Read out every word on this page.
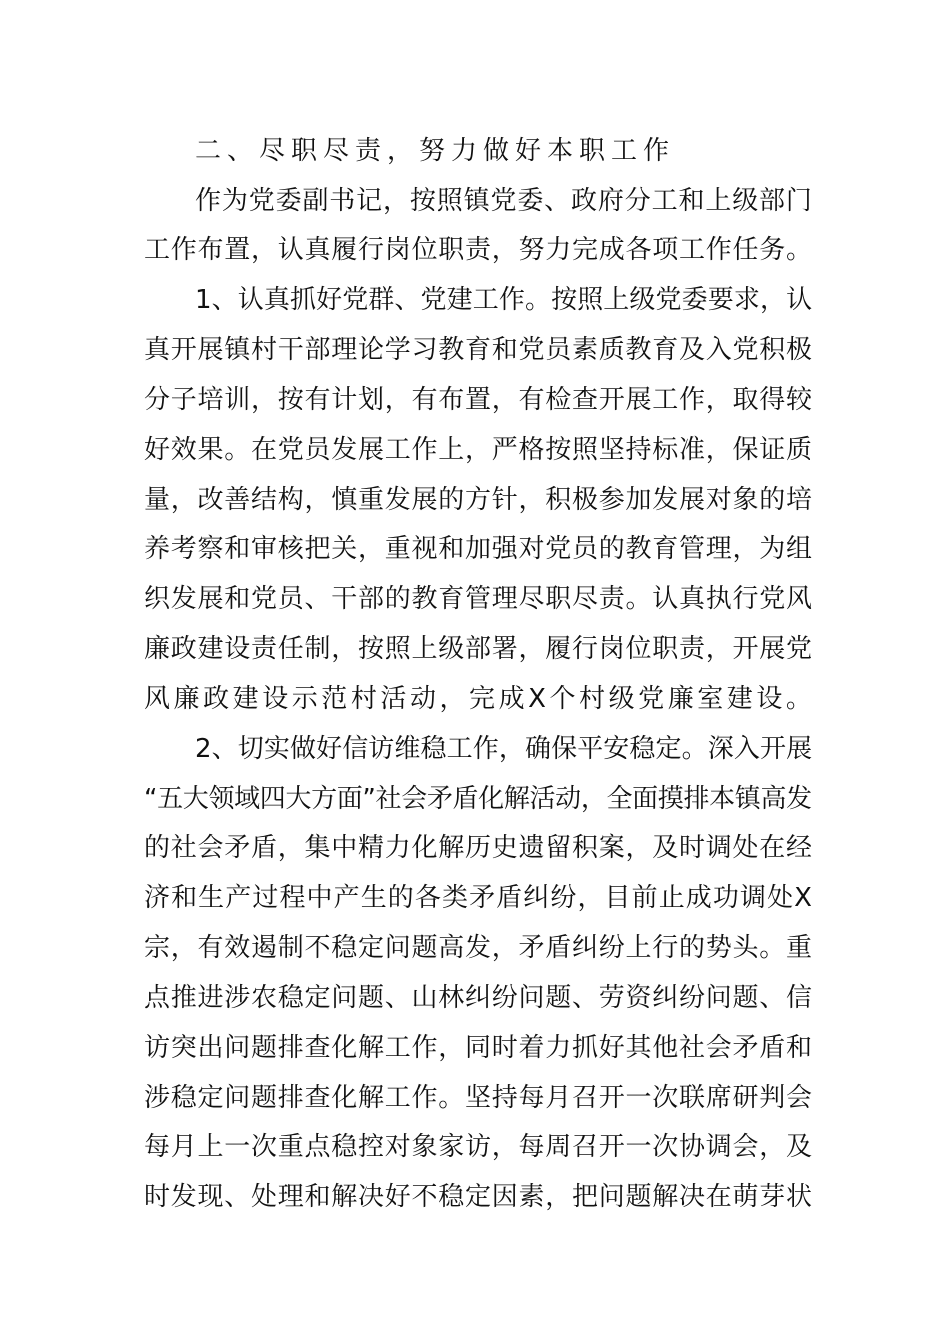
二、尽职尽责，努力做好本职工作

作为党委副书记，按照镇党委、政府分工和上级部门

工作布置，认真履行岗位职责，努力完成各项工作任务。

1、认真抓好党群、党建工作。按照上级党委要求，认

真开展镇村干部理论学习教育和党员素质教育及入党积极

分子培训，按有计划，有布置，有检查开展工作，取得较

好效果。在党员发展工作上，严格按照坚持标准，保证质

量，改善结构，慎重发展的方针，积极参加发展对象的培

养考察和审核把关，重视和加强对党员的教育管理，为组

织发展和党员、干部的教育管理尽职尽责。认真执行党风

廉政建设责任制，按照上级部署，履行岗位职责，开展党

风廉政建设示范村活动，完成X个村级党廉室建设。

2、切实做好信访维稳工作，确保平安稳定。深入开展

“五大领域四大方面”社会矛盾化解活动，全面摸排本镇高发

的社会矛盾，集中精力化解历史遗留积案，及时调处在经

济和生产过程中产生的各类矛盾纠纷，目前止成功调处X

宗，有效遏制不稳定问题高发，矛盾纠纷上行的势头。重

点推进涉农稳定问题、山林纠纷问题、劳资纠纷问题、信

访突出问题排查化解工作，同时着力抓好其他社会矛盾和

涉稳定问题排查化解工作。坚持每月召开一次联席研判会

每月上一次重点稳控对象家访，每周召开一次协调会，及

时发现、处理和解决好不稳定因素，把问题解决在萌芽状
